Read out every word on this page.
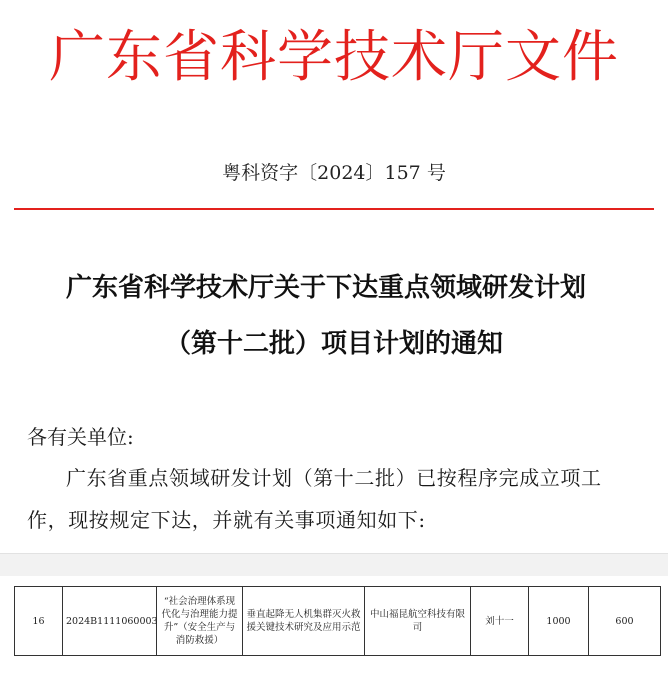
广东省科学技术厅文件
粤科资字〔2024〕157 号
广东省科学技术厅关于下达重点领域研发计划
（第十二批）项目计划的通知
各有关单位:
广东省重点领域研发计划（第十二批）已按程序完成立项工
作，现按规定下达，并就有关事项通知如下:
16	2024B1111060003	“社会治理体系现代化与治理能力提升”（安全生产与消防救援）	垂直起降无人机集群灭火救援关键技术研究及应用示范	中山福昆航空科技有限　　司	刘十一	1000	600
